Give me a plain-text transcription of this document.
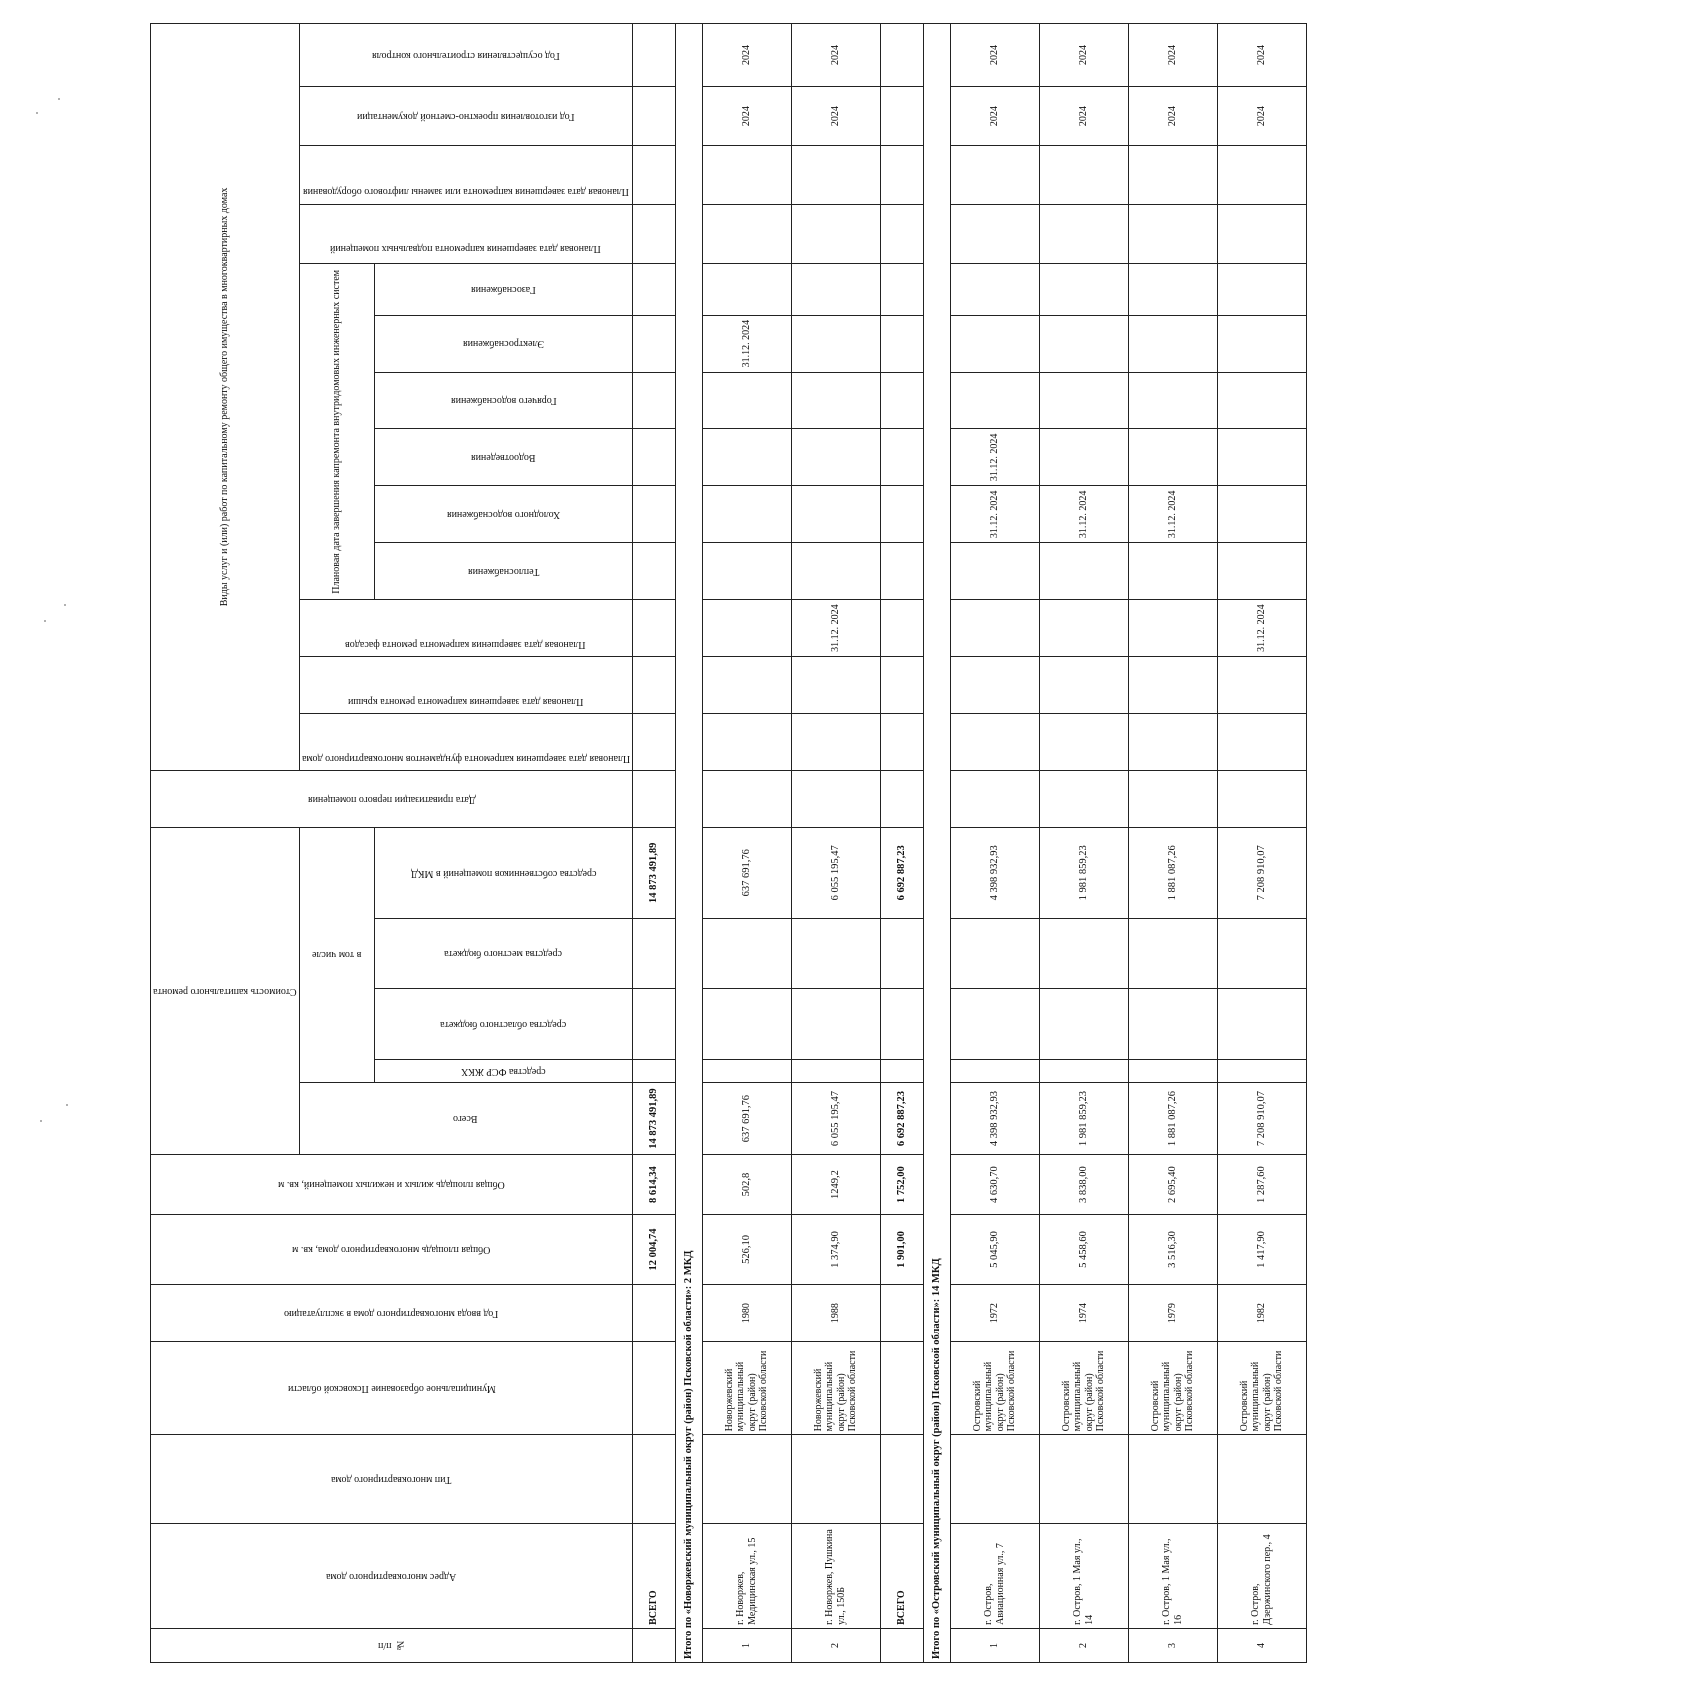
№ п/п	Адрес многоквартирного дома	Тип многоквартирного дома	Муниципальное образование Псковской области	Год ввода многоквартирного дома в эксплуатацию	Общая площадь многоквартирного дома, кв. м	Общая площадь жилых и нежилых помещений, кв. м	Стоимость капитального ремонта					Дата приватизации первого помещения	Виды услуг и (или) работ по капитальному ремонту общего имущества в многоквартирных домах												

							Всего	в том числе					Плановая дата завершения капремонта фундаментов многоквартирного дома	Плановая дата завершения капремонта ремонта крыши	Плановая дата завершения капремонта ремонта фасадов	Плановая дата завершения капремонта внутридомовых инженерных систем						Плановая дата завершения капремонта подвальных помещений	Плановая дата завершения капремонта или замены лифтового оборудования	Год изготовления проектно-сметной документации	Год осуществления строительного контроля

								средства ФСР ЖКХ	средства областного бюджета	средства местного бюджета	средства собственников помещений в МКД					Теплоснабжения	Холодного водоснабжения	Водоотведения	Горячего водоснабжения	Электроснабжения	Газоснабжения				

	ВСЕГО				12 004,74	8 614,34	14 873 491,89				14 873 491,89														
Итого по «Новоржевский муниципальный округ (район) Псковской области»: 2 МКД																									
1	г. Новоржев, Медицинская ул., 15		Новоржевский муниципальный округ (район) Псковской области	1980	526,10	502,8	637 691,76				637 691,76									31.12. 2024				2024	2024
2	г. Новоржев, Пушкина ул., 150Б		Новоржевский муниципальный округ (район) Псковской области	1988	1 374,90	1249,2	6 055 195,47				6 055 195,47				31.12. 2024									2024	2024
	ВСЕГО				1 901,00	1 752,00	6 692 887,23				6 692 887,23														
Итого по «Островский муниципальный округ (район) Псковской области»: 14 МКД																									
1	г. Остров, Авиационная ул., 7		Островский муниципальный округ (район) Псковской области	1972	5 045,90	4 630,70	4 398 932,93				4 398 932,93						31.12. 2024	31.12. 2024						2024	2024
2	г. Остров, 1 Мая ул., 14		Островский муниципальный округ (район) Псковской области	1974	5 458,60	3 838,00	1 981 859,23				1 981 859,23						31.12. 2024							2024	2024
3	г. Остров, 1 Мая ул., 16		Островский муниципальный округ (район) Псковской области	1979	3 516,30	2 695,40	1 881 087,26				1 881 087,26						31.12. 2024							2024	2024
4	г. Остров, Дзержинского пер., 4		Островский муниципальный округ (район) Псковской области	1982	1 417,90	1 287,60	7 208 910,07				7 208 910,07				31.12. 2024									2024	2024
